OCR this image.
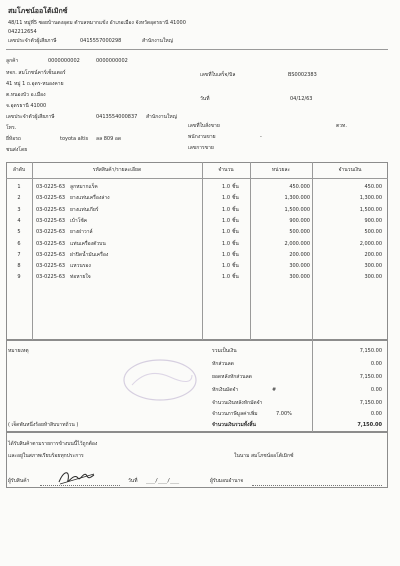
สมโภชน์ออโต้เมิกซ์
48/11 หมู่ที่5 ซอยบ้านดงอุดม ตำบลหมากแข้ง อำเภอเมือง จังหวัดอุดรธานี 41000
042212654
เลขประจำตัวผู้เสียภาษี	0415557000298	สำนักงานใหญ่
ลูกค้า	0000000002	0000000002
หจก. สมโภชน์คาร์เซ็นเตอร์
41 หมู่ 1 ถ.อุดร-หนองคาย
ต.หนองบัว อ.เมือง
จ.อุดรธานี 41000
เลขประจำตัวผู้เสียภาษี	0413554000837 สำนักงานใหญ่
โทร.
ยี่ห้อรถ	toyota altis ลล 809 อด
ชนส่งโดย
เลขที่ใบเสร็จ/บิล	BS0002383
วันที่	04/12/63
เลขที่ใบสั่งขาย	ตวท.
พนักงานขาย	-
เลขการขาย
ลำดับ	รหัสสินค้า/รายละเอียด	จำนวน	หน่วยละ	จำนวนเงิน
1	03-0225-63 ลูกหมากแร็ค	1.0 ชิ้น	450.000	450.00
2	03-0225-63 ยางแท่นเครื่องล่าง	1.0 ชิ้น	1,300.000	1,300.00
3	03-0225-63 ยางแท่นเกียร์	1.0 ชิ้น	1,500.000	1,500.00
4	03-0225-63 เบ้าโช้ค	1.0 ชิ้น	900.000	900.00
5	03-0225-63 ยางฝาวาล์	1.0 ชิ้น	500.000	500.00
6	03-0225-63 แท่นเครื่องตัวบน	1.0 ชิ้น	2,000.000	2,000.00
7	03-0225-63 ฝาปิดน้ำมันเครื่อง	1.0 ชิ้น	200.000	200.00
8	03-0225-63 แหวนรอง	1.0 ชิ้น	300.000	300.00
9	03-0225-63 ท่อหายใจ	1.0 ชิ้น	300.000	300.00
หมายเหตุ	รวมเป็นเงิน	7,150.00
หักส่วนลด	0.00
ยอดหลังหักส่วนลด	7,150.00
หักเงินมัดจำ	#	0.00
จำนวนเงินหลังหักมัดจำ	7,150.00
จำนวนภาษีมูลค่าเพิ่ม	7.00%	0.00
( เจ็ดพันหนึ่งร้อยห้าสิบบาทถ้วน )	จำนวนเงินรวมทั้งสิ้น	7,150.00
ได้รับสินค้าตามรายการข้างบนนี้ไว้ถูกต้อง
และอยู่ในสภาพเรียบร้อยทุกประการ	ในนาม สมโภชน์ออโต้เมิกซ์
ผู้รับสินค้า	วันที่ ___/___/___	ผู้รับมอบอำนาจ
